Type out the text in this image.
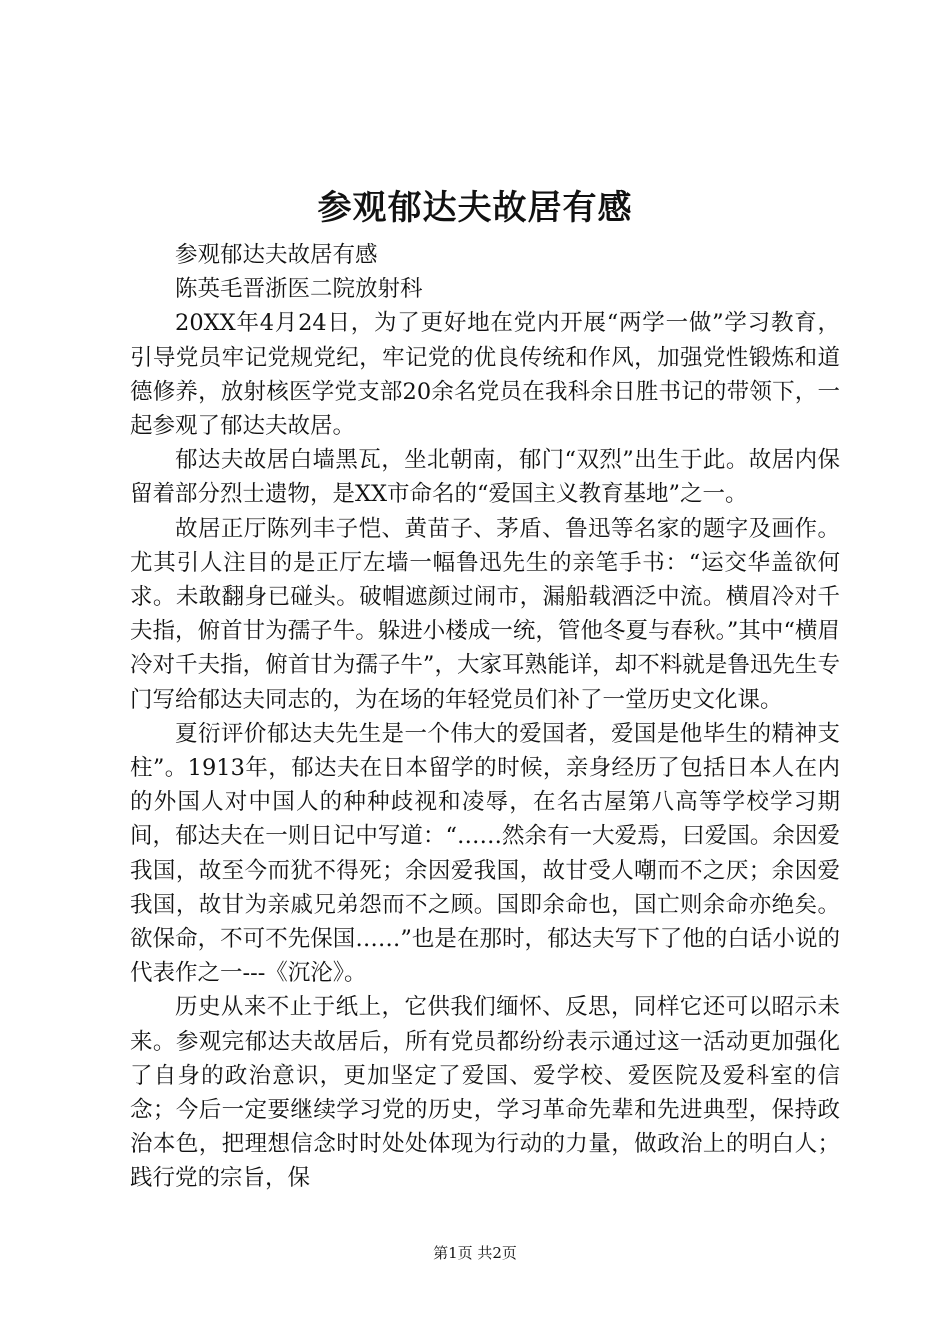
参观郁达夫故居有感

参观郁达夫故居有感

陈英毛晋浙医二院放射科

20XX年4月24日，为了更好地在党内开展“两学一做”学习教育，引导党员牢记党规党纪，牢记党的优良传统和作风，加强党性锻炼和道德修养，放射核医学党支部20余名党员在我科余日胜书记的带领下，一起参观了郁达夫故居。

郁达夫故居白墙黑瓦，坐北朝南，郁门“双烈”出生于此。故居内保留着部分烈士遗物，是XX市命名的“爱国主义教育基地”之一。

故居正厅陈列丰子恺、黄苗子、茅盾、鲁迅等名家的题字及画作。尤其引人注目的是正厅左墙一幅鲁迅先生的亲笔手书：“运交华盖欲何求。未敢翻身已碰头。破帽遮颜过闹市，漏船载酒泛中流。横眉冷对千夫指，俯首甘为孺子牛。躲进小楼成一统，管他冬夏与春秋。”其中“横眉冷对千夫指，俯首甘为孺子牛”，大家耳熟能详，却不料就是鲁迅先生专门写给郁达夫同志的，为在场的年轻党员们补了一堂历史文化课。

夏衍评价郁达夫先生是一个伟大的爱国者，爱国是他毕生的精神支柱”。1913年，郁达夫在日本留学的时候，亲身经历了包括日本人在内的外国人对中国人的种种歧视和凌辱，在名古屋第八高等学校学习期间，郁达夫在一则日记中写道：“……然余有一大爱焉，曰爱国。余因爱我国，故至今而犹不得死；余因爱我国，故甘受人嘲而不之厌；余因爱我国，故甘为亲戚兄弟怨而不之顾。国即余命也，国亡则余命亦绝矣。欲保命，不可不先保国……”也是在那时，郁达夫写下了他的白话小说的代表作之一---《沉沦》。

历史从来不止于纸上，它供我们缅怀、反思，同样它还可以昭示未来。参观完郁达夫故居后，所有党员都纷纷表示通过这一活动更加强化了自身的政治意识，更加坚定了爱国、爱学校、爱医院及爱科室的信念；今后一定要继续学习党的历史，学习革命先辈和先进典型，保持政治本色，把理想信念时时处处体现为行动的力量，做政治上的明白人；践行党的宗旨，保

第1页 共2页
